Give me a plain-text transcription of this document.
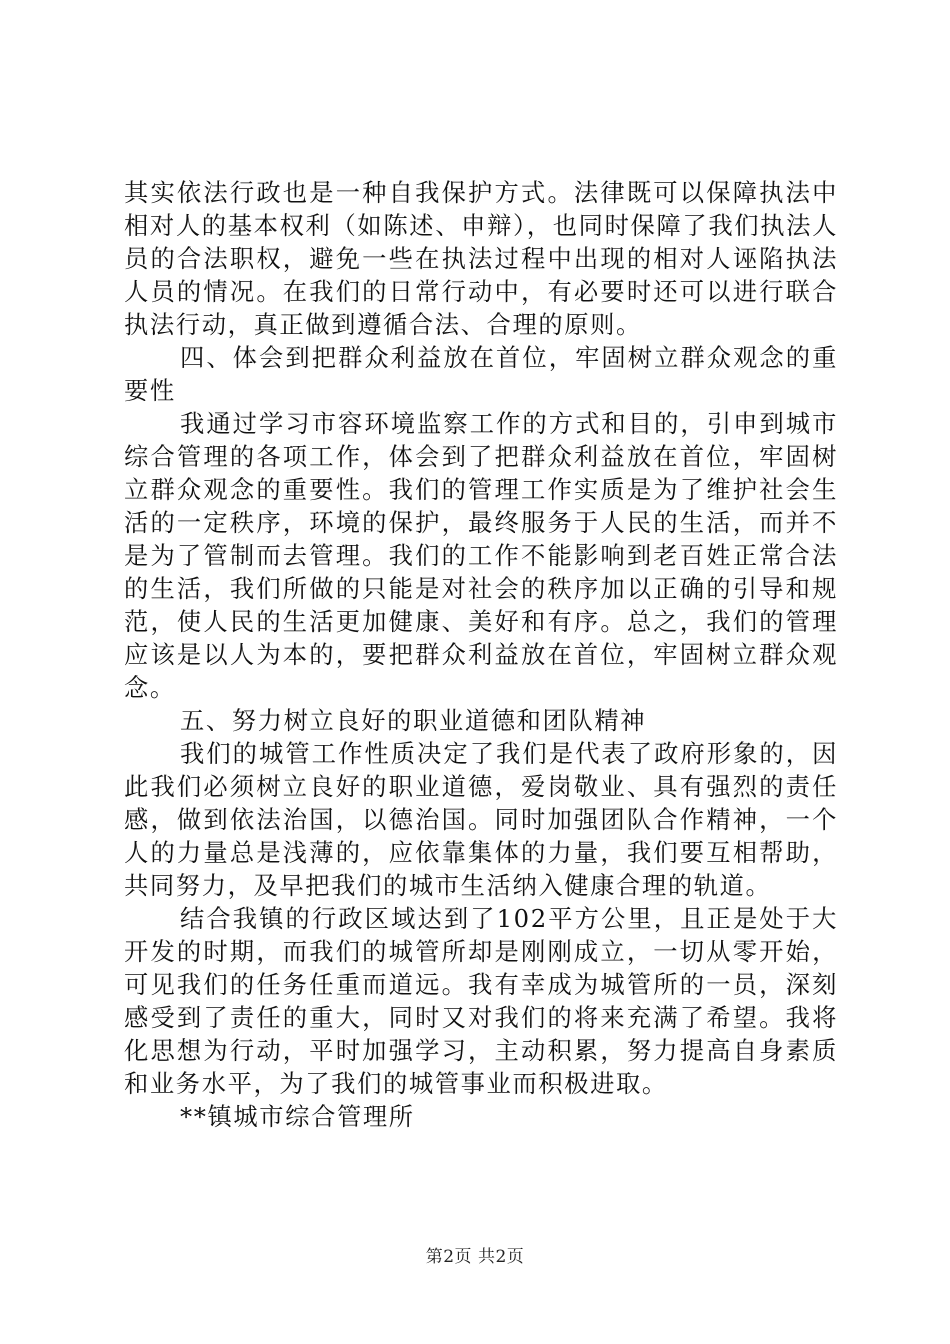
其实依法行政也是一种自我保护方式。法律既可以保障执法中相对人的基本权利（如陈述、申辩），也同时保障了我们执法人员的合法职权，避免一些在执法过程中出现的相对人诬陷执法人员的情况。在我们的日常行动中，有必要时还可以进行联合执法行动，真正做到遵循合法、合理的原则。

四、体会到把群众利益放在首位，牢固树立群众观念的重要性

我通过学习市容环境监察工作的方式和目的，引申到城市综合管理的各项工作，体会到了把群众利益放在首位，牢固树立群众观念的重要性。我们的管理工作实质是为了维护社会生活的一定秩序，环境的保护，最终服务于人民的生活，而并不是为了管制而去管理。我们的工作不能影响到老百姓正常合法的生活，我们所做的只能是对社会的秩序加以正确的引导和规范，使人民的生活更加健康、美好和有序。总之，我们的管理应该是以人为本的，要把群众利益放在首位，牢固树立群众观念。

五、努力树立良好的职业道德和团队精神

我们的城管工作性质决定了我们是代表了政府形象的，因此我们必须树立良好的职业道德，爱岗敬业、具有强烈的责任感，做到依法治国，以德治国。同时加强团队合作精神，一个人的力量总是浅薄的，应依靠集体的力量，我们要互相帮助，共同努力，及早把我们的城市生活纳入健康合理的轨道。

结合我镇的行政区域达到了102平方公里，且正是处于大开发的时期，而我们的城管所却是刚刚成立，一切从零开始，可见我们的任务任重而道远。我有幸成为城管所的一员，深刻感受到了责任的重大，同时又对我们的将来充满了希望。我将化思想为行动，平时加强学习，主动积累，努力提高自身素质和业务水平，为了我们的城管事业而积极进取。

**镇城市综合管理所

第2页 共2页
